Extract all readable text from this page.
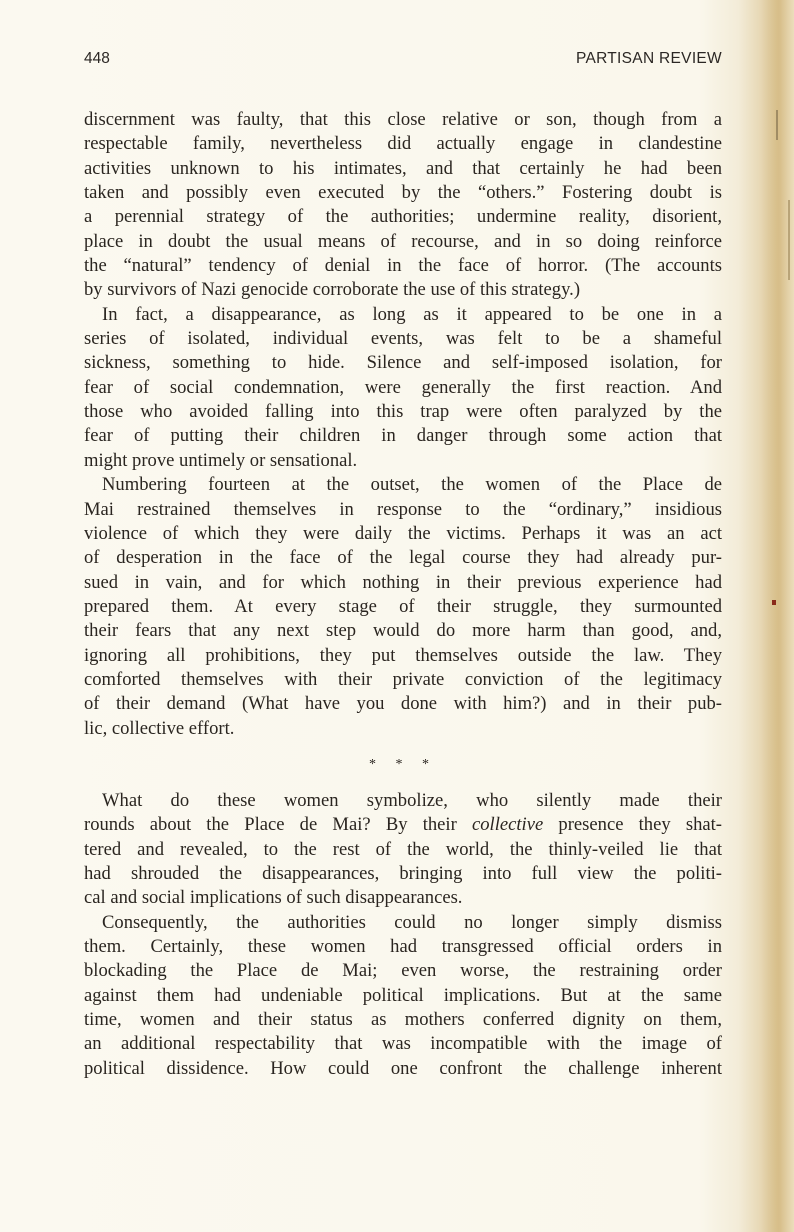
448	PARTISAN REVIEW
discernment was faulty, that this close relative or son, though from a
respectable family, nevertheless did actually engage in clandestine
activities unknown to his intimates, and that certainly he had been
taken and possibly even executed by the “others.” Fostering doubt is
a perennial strategy of the authorities; undermine reality, disorient,
place in doubt the usual means of recourse, and in so doing reinforce
the “natural” tendency of denial in the face of horror. (The accounts
by survivors of Nazi genocide corroborate the use of this strategy.)
In fact, a disappearance, as long as it appeared to be one in a
series of isolated, individual events, was felt to be a shameful
sickness, something to hide. Silence and self-imposed isolation, for
fear of social condemnation, were generally the first reaction. And
those who avoided falling into this trap were often paralyzed by the
fear of putting their children in danger through some action that
might prove untimely or sensational.
Numbering fourteen at the outset, the women of the Place de
Mai restrained themselves in response to the “ordinary,” insidious
violence of which they were daily the victims. Perhaps it was an act
of desperation in the face of the legal course they had already pur-
sued in vain, and for which nothing in their previous experience had
prepared them. At every stage of their struggle, they surmounted
their fears that any next step would do more harm than good, and,
ignoring all prohibitions, they put themselves outside the law. They
comforted themselves with their private conviction of the legitimacy
of their demand (What have you done with him?) and in their pub-
lic, collective effort.
* * *
What do these women symbolize, who silently made their
rounds about the Place de Mai? By their collective presence they shat-
tered and revealed, to the rest of the world, the thinly-veiled lie that
had shrouded the disappearances, bringing into full view the politi-
cal and social implications of such disappearances.
Consequently, the authorities could no longer simply dismiss
them. Certainly, these women had transgressed official orders in
blockading the Place de Mai; even worse, the restraining order
against them had undeniable political implications. But at the same
time, women and their status as mothers conferred dignity on them,
an additional respectability that was incompatible with the image of
political dissidence. How could one confront the challenge inherent
